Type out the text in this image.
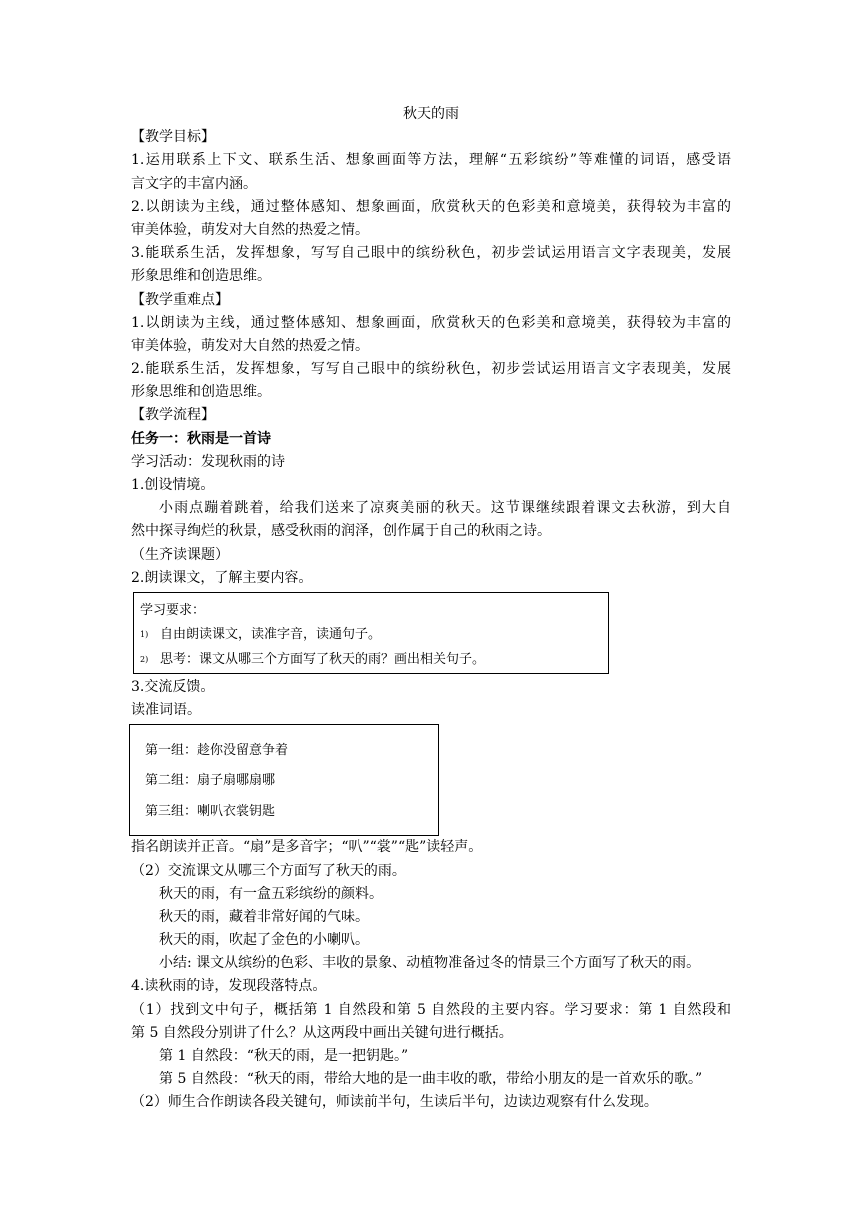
秋天的雨
【教学目标】
1.运用联系上下文、联系生活、想象画面等方法，理解“五彩缤纷”等难懂的词语，感受语
言文字的丰富内涵。
2.以朗读为主线，通过整体感知、想象画面，欣赏秋天的色彩美和意境美，获得较为丰富的
审美体验，萌发对大自然的热爱之情。
3.能联系生活，发挥想象，写写自己眼中的缤纷秋色，初步尝试运用语言文字表现美，发展
形象思维和创造思维。
【教学重难点】
1.以朗读为主线，通过整体感知、想象画面，欣赏秋天的色彩美和意境美，获得较为丰富的
审美体验，萌发对大自然的热爱之情。
2.能联系生活，发挥想象，写写自己眼中的缤纷秋色，初步尝试运用语言文字表现美，发展
形象思维和创造思维。
【教学流程】
任务一：秋雨是一首诗
学习活动：发现秋雨的诗
1.创设情境。
小雨点蹦着跳着，给我们送来了凉爽美丽的秋天。这节课继续跟着课文去秋游，到大自
然中探寻绚烂的秋景，感受秋雨的润泽，创作属于自己的秋雨之诗。
（生齐读课题）
2.朗读课文，了解主要内容。
学习要求：
1) 自由朗读课文，读准字音，读通句子。
2) 思考：课文从哪三个方面写了秋天的雨？画出相关句子。
3.交流反馈。
读准词语。
第一组：趁你没留意争着
第二组：扇子扇哪扇哪
第三组：喇叭衣裳钥匙
指名朗读并正音。“扇”是多音字；“叭”“裳”“匙”读轻声。
（2）交流课文从哪三个方面写了秋天的雨。
秋天的雨，有一盒五彩缤纷的颜料。
秋天的雨，藏着非常好闻的气味。
秋天的雨，吹起了金色的小喇叭。
小结: 课文从缤纷的色彩、丰收的景象、动植物准备过冬的情景三个方面写了秋天的雨。
4.读秋雨的诗，发现段落特点。
（1）找到文中句子，概括第 1 自然段和第 5 自然段的主要内容。学习要求：第 1 自然段和
第 5 自然段分别讲了什么？从这两段中画出关键句进行概括。
第 1 自然段：“秋天的雨，是一把钥匙。”
第 5 自然段：“秋天的雨，带给大地的是一曲丰收的歌，带给小朋友的是一首欢乐的歌。”
（2）师生合作朗读各段关键句，师读前半句，生读后半句，边读边观察有什么发现。
